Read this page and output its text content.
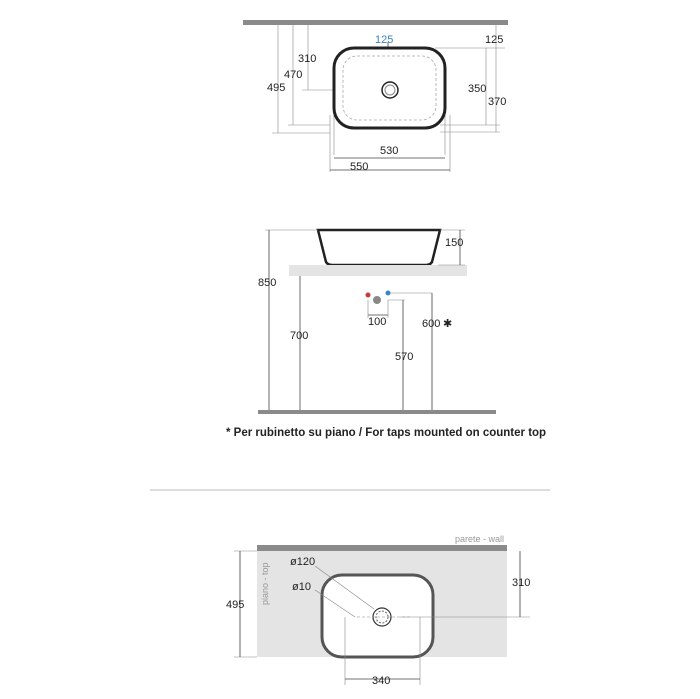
125	125
310
470
495	350
370
530
550
150
850
700
100
570
600 ✱
* Per rubinetto su piano / For taps mounted on counter top
parete - wall
piano - top
ø120
ø10	310
495
340
